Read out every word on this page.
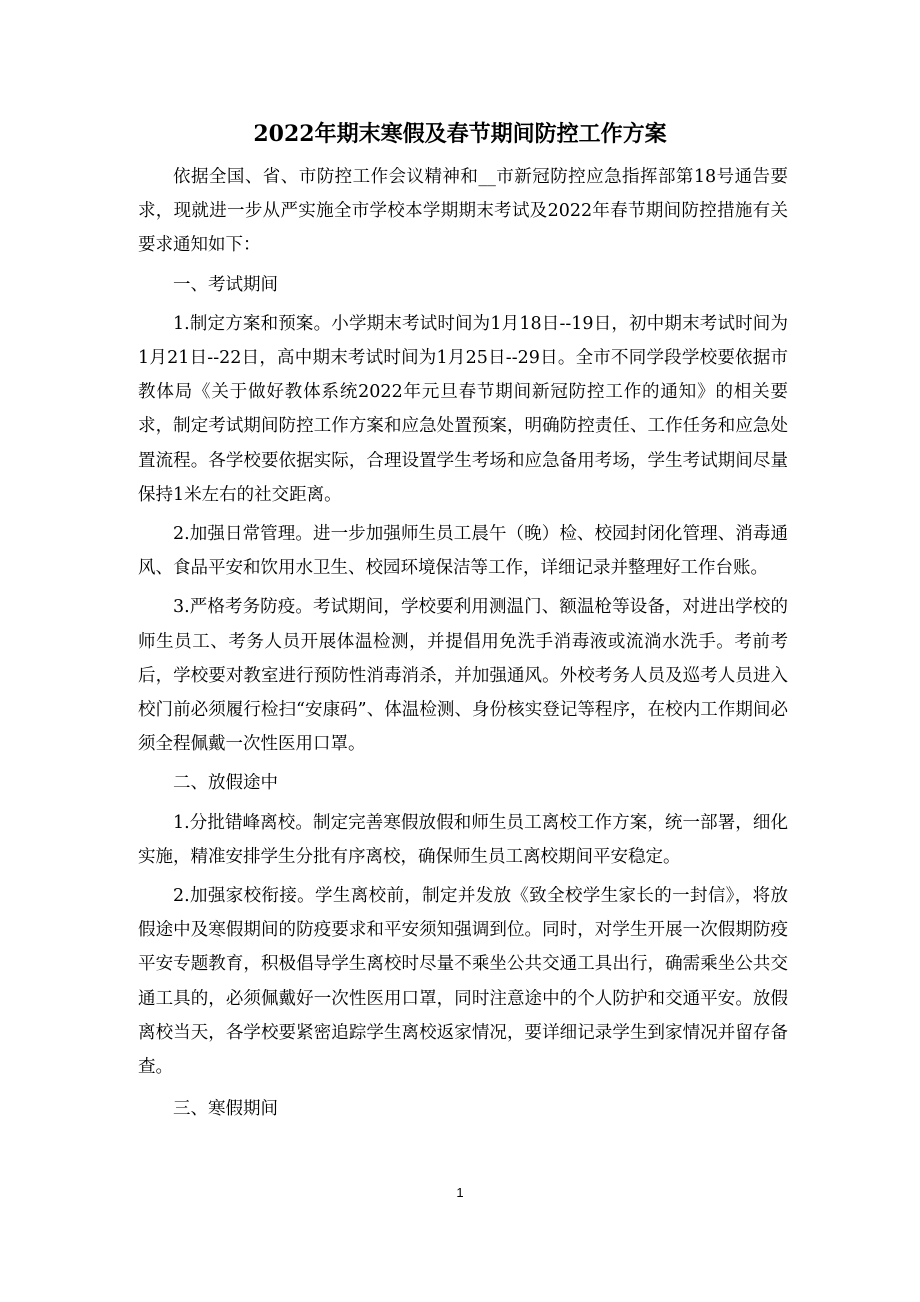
2022年期末寒假及春节期间防控工作方案

依据全国、省、市防控工作会议精神和__市新冠防控应急指挥部第18号通告要求，现就进一步从严实施全市学校本学期期末考试及2022年春节期间防控措施有关要求通知如下：

一、考试期间

1.制定方案和预案。小学期末考试时间为1月18日--19日，初中期末考试时间为1月21日--22日，高中期末考试时间为1月25日--29日。全市不同学段学校要依据市教体局《关于做好教体系统2022年元旦春节期间新冠防控工作的通知》的相关要求，制定考试期间防控工作方案和应急处置预案，明确防控责任、工作任务和应急处置流程。各学校要依据实际，合理设置学生考场和应急备用考场，学生考试期间尽量保持1米左右的社交距离。

2.加强日常管理。进一步加强师生员工晨午（晚）检、校园封闭化管理、消毒通风、食品平安和饮用水卫生、校园环境保洁等工作，详细记录并整理好工作台账。

3.严格考务防疫。考试期间，学校要利用测温门、额温枪等设备，对进出学校的师生员工、考务人员开展体温检测，并提倡用免洗手消毒液或流淌水洗手。考前考后，学校要对教室进行预防性消毒消杀，并加强通风。外校考务人员及巡考人员进入校门前必须履行检扫“安康码”、体温检测、身份核实登记等程序，在校内工作期间必须全程佩戴一次性医用口罩。

二、放假途中

1.分批错峰离校。制定完善寒假放假和师生员工离校工作方案，统一部署，细化实施，精准安排学生分批有序离校，确保师生员工离校期间平安稳定。

2.加强家校衔接。学生离校前，制定并发放《致全校学生家长的一封信》，将放假途中及寒假期间的防疫要求和平安须知强调到位。同时，对学生开展一次假期防疫平安专题教育，积极倡导学生离校时尽量不乘坐公共交通工具出行，确需乘坐公共交通工具的，必须佩戴好一次性医用口罩，同时注意途中的个人防护和交通平安。放假离校当天，各学校要紧密追踪学生离校返家情况，要详细记录学生到家情况并留存备查。

三、寒假期间

1
